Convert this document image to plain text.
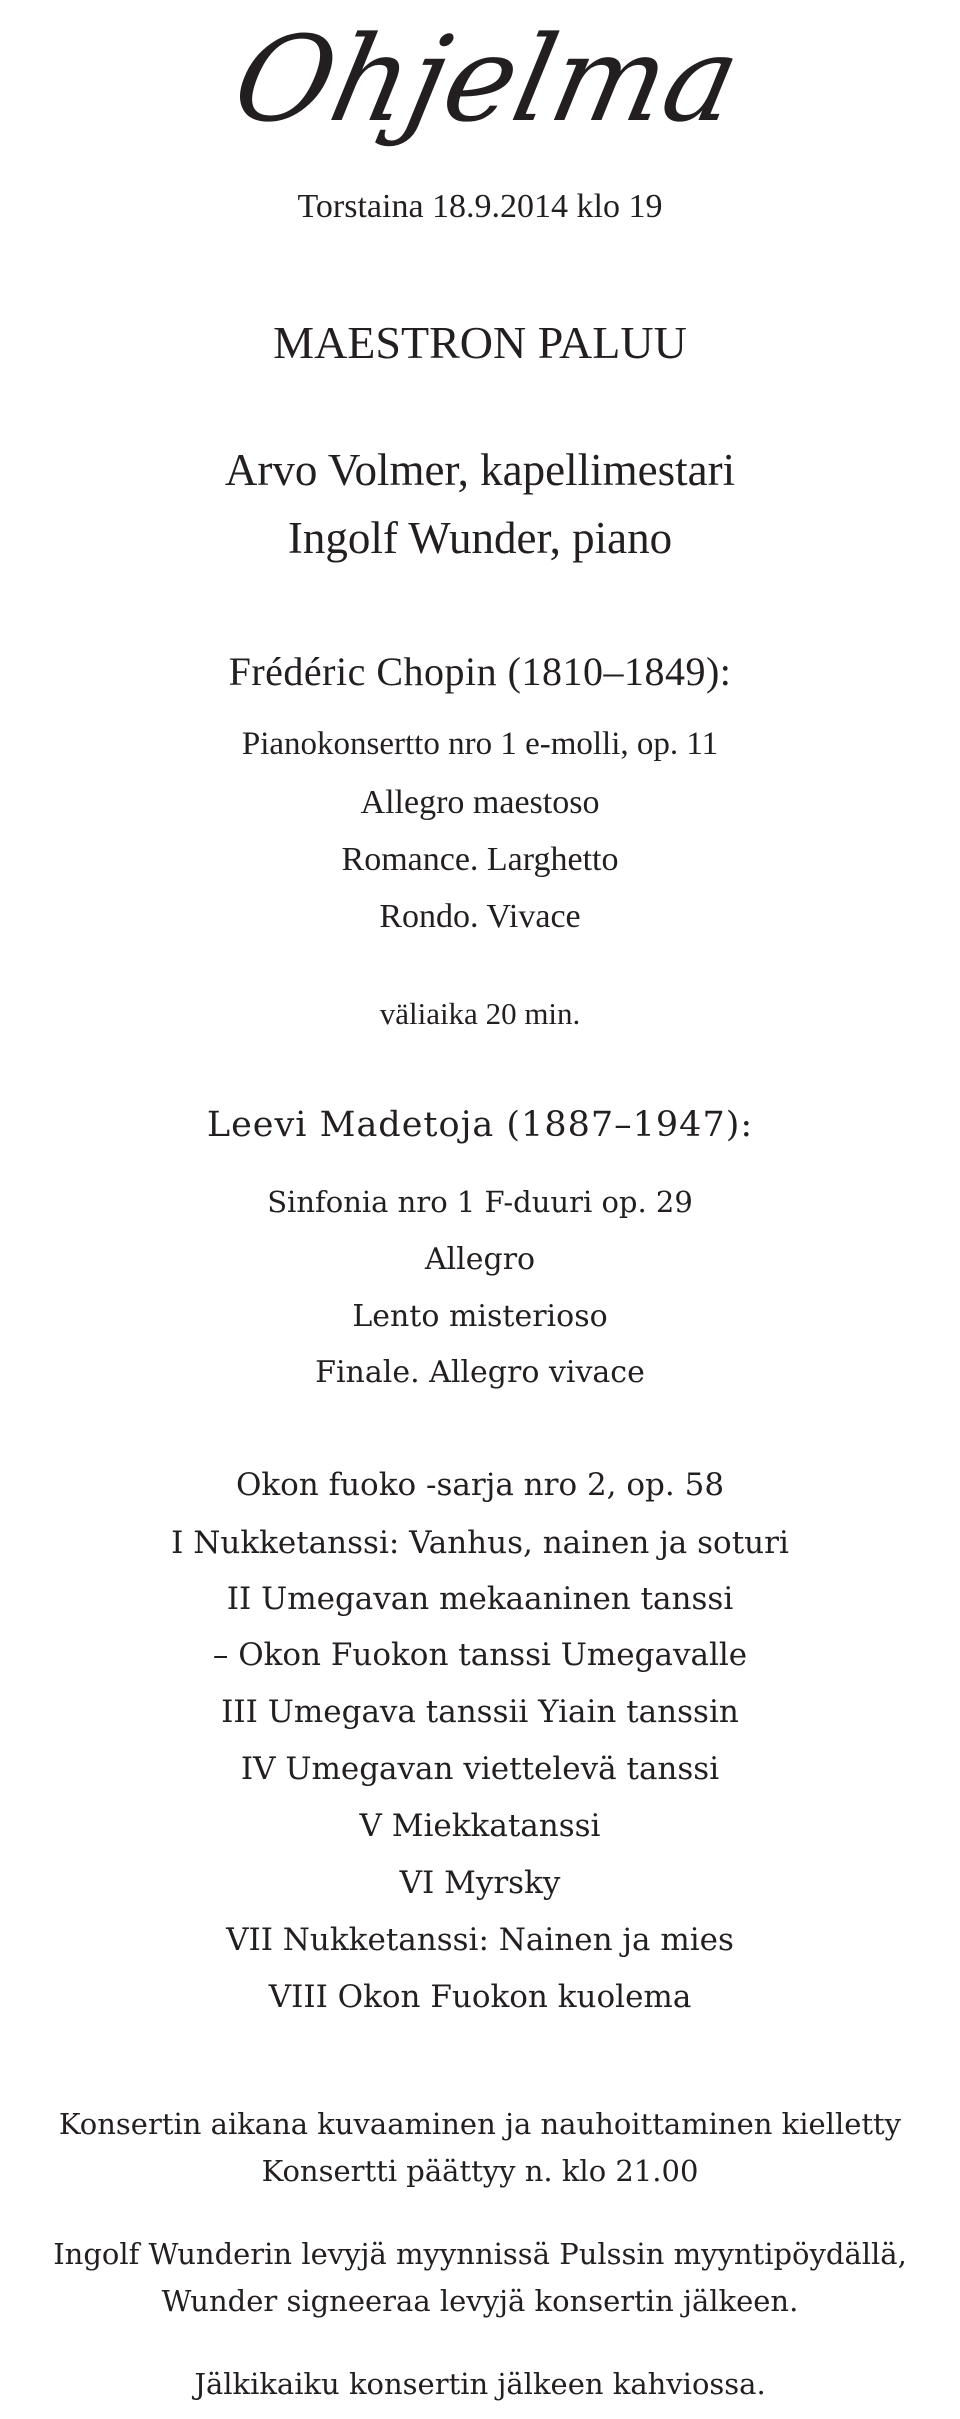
Ohjelma
Torstaina 18.9.2014 klo 19
MAESTRON PALUU
Arvo Volmer, kapellimestari
Ingolf Wunder, piano
Frédéric Chopin (1810–1849):
Pianokonsertto nro 1 e-molli, op. 11
Allegro maestoso
Romance. Larghetto
Rondo. Vivace
väliaika 20 min.
Leevi Madetoja (1887–1947):
Sinfonia nro 1 F-duuri op. 29
Allegro
Lento misterioso
Finale. Allegro vivace
Okon fuoko -sarja nro 2, op. 58
I Nukketanssi: Vanhus, nainen ja soturi
II Umegavan mekaaninen tanssi
– Okon Fuokon tanssi Umegavalle
III Umegava tanssii Yiain tanssin
IV Umegavan viettelevä tanssi
V Miekkatanssi
VI Myrsky
VII Nukketanssi: Nainen ja mies
VIII Okon Fuokon kuolema
Konsertin aikana kuvaaminen ja nauhoittaminen kielletty
Konsertti päättyy n. klo 21.00
Ingolf Wunderin levyjä myynnissä Pulssin myyntipöydällä,
Wunder signeeraa levyjä konsertin jälkeen.
Jälkikaiku konsertin jälkeen kahviossa.
